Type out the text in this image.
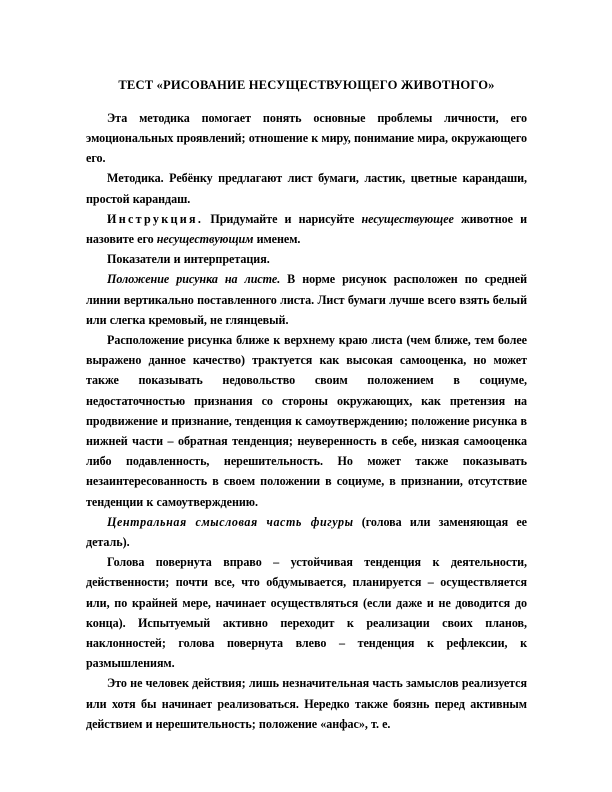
ТЕСТ «РИСОВАНИЕ НЕСУЩЕСТВУЮЩЕГО ЖИВОТНОГО»

Эта методика помогает понять основные проблемы личности, его эмоциональных проявлений; отношение к миру, понимание мира, окружающего его.

Методика. Ребёнку предлагают лист бумаги, ластик, цветные карандаши, простой карандаш.

Инструкция. Придумайте и нарисуйте несуществующее животное и назовите его несуществующим именем.

Показатели и интерпретация.

Положение рисунка на листе. В норме рисунок расположен по средней линии вертикально поставленного листа. Лист бумаги лучше всего взять белый или слегка кремовый, не глянцевый.

Расположение рисунка ближе к верхнему краю листа (чем ближе, тем более выражено данное качество) трактуется как высокая самооценка, но может также показывать недовольство своим положением в социуме, недостаточностью признания со стороны окружающих, как претензия на продвижение и признание, тенденция к самоутверждению; положение рисунка в нижней части – обратная тенденция; неуверенность в себе, низкая самооценка либо подавленность, нерешительность. Но может также показывать незаинтересованность в своем положении в социуме, в признании, отсутствие тенденции к самоутверждению.

Центральная смысловая часть фигуры (голова или заменяющая ее деталь).

Голова повернута вправо – устойчивая тенденция к деятельности, действенности; почти все, что обдумывается, планируется – осуществляется или, по крайней мере, начинает осуществляться (если даже и не доводится до конца). Испытуемый активно переходит к реализации своих планов, наклонностей; голова повернута влево – тенденция к рефлексии, к размышлениям.

Это не человек действия; лишь незначительная часть замыслов реализуется или хотя бы начинает реализоваться. Нередко также боязнь перед активным действием и нерешительность; положение «анфас», т. е.
